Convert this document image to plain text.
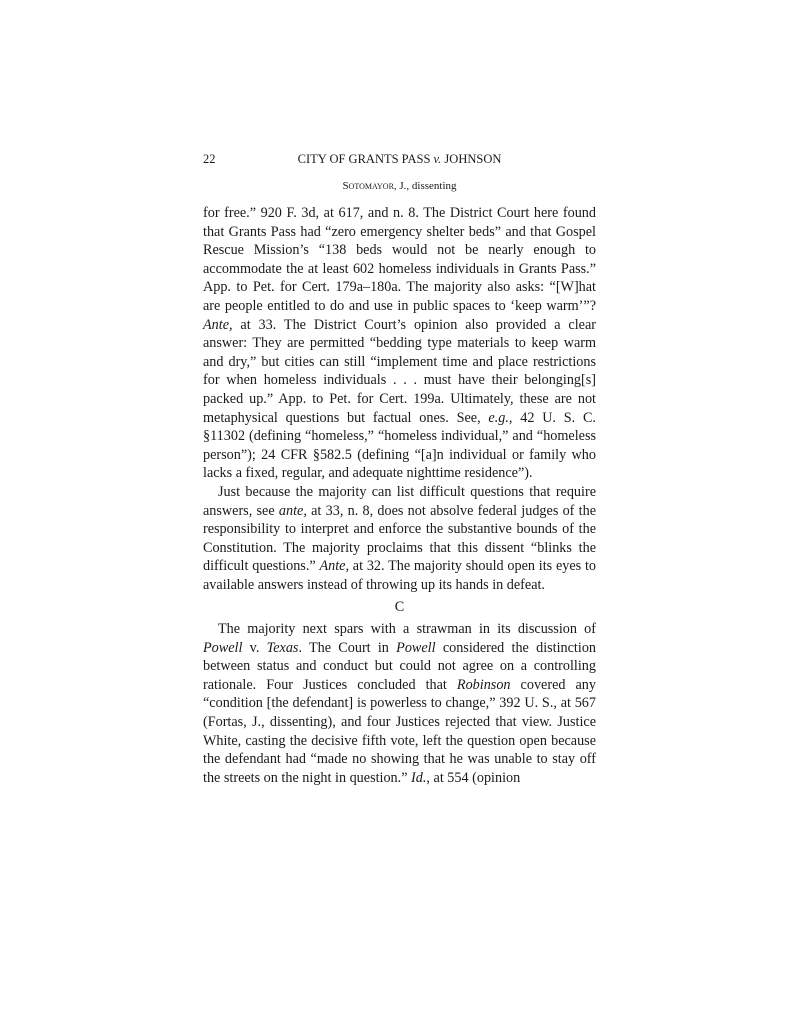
22	CITY OF GRANTS PASS v. JOHNSON
Sotomayor, J., dissenting

for free.” 920 F. 3d, at 617, and n. 8. The District Court here found that Grants Pass had “zero emergency shelter beds” and that Gospel Rescue Mission’s “138 beds would not be nearly enough to accommodate the at least 602 homeless individuals in Grants Pass.” App. to Pet. for Cert. 179a–180a. The majority also asks: “[W]hat are people entitled to do and use in public spaces to ‘keep warm’”? Ante, at 33. The District Court’s opinion also provided a clear answer: They are permitted “bedding type materials to keep warm and dry,” but cities can still “implement time and place restrictions for when homeless individuals . . . must have their belonging[s] packed up.” App. to Pet. for Cert. 199a. Ultimately, these are not metaphysical questions but factual ones. See, e.g., 42 U. S. C. §11302 (defining “homeless,” “homeless individual,” and “homeless person”); 24 CFR §582.5 (defining “[a]n individual or family who lacks a fixed, regular, and adequate nighttime residence”).

Just because the majority can list difficult questions that require answers, see ante, at 33, n. 8, does not absolve federal judges of the responsibility to interpret and enforce the substantive bounds of the Constitution. The majority proclaims that this dissent “blinks the difficult questions.” Ante, at 32. The majority should open its eyes to available answers instead of throwing up its hands in defeat.

C

The majority next spars with a strawman in its discussion of Powell v. Texas. The Court in Powell considered the distinction between status and conduct but could not agree on a controlling rationale. Four Justices concluded that Robinson covered any “condition [the defendant] is powerless to change,” 392 U. S., at 567 (Fortas, J., dissenting), and four Justices rejected that view. Justice White, casting the decisive fifth vote, left the question open because the defendant had “made no showing that he was unable to stay off the streets on the night in question.” Id., at 554 (opinion
